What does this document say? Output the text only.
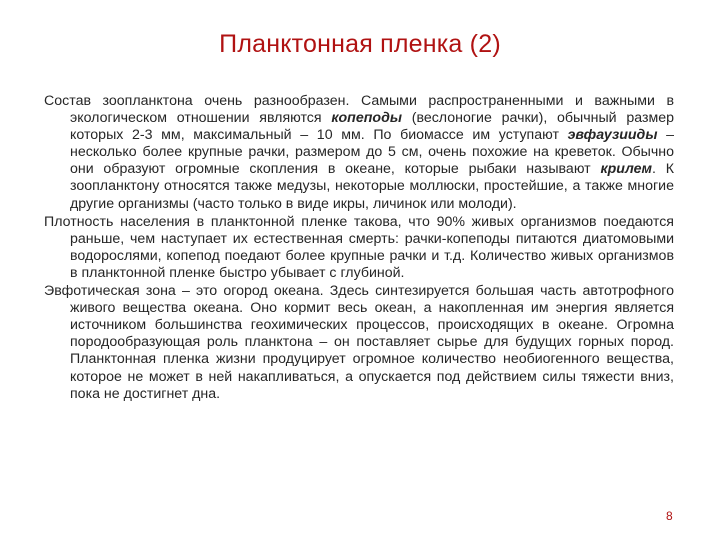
Планктонная пленка (2)

Состав зоопланктона очень разнообразен. Самыми распространенными и важными в экологическом отношении являются копеподы (веслоногие рачки), обычный размер которых 2-3 мм, максимальный – 10 мм. По биомассе им уступают эвфаузииды – несколько более крупные рачки, размером до 5 см, очень похожие на креветок. Обычно они образуют огромные скопления в океане, которые рыбаки называют крилем. К зоопланктону относятся также медузы, некоторые моллюски, простейшие, а также многие другие организмы (часто только в виде икры, личинок или молоди).

Плотность населения в планктонной пленке такова, что 90% живых организмов поедаются раньше, чем наступает их естественная смерть: рачки-копеподы питаются диатомовыми водорослями, копепод поедают более крупные рачки и т.д. Количество живых организмов в планктонной пленке быстро убывает с глубиной.

Эвфотическая зона – это огород океана. Здесь синтезируется большая часть автотрофного живого вещества океана. Оно кормит весь океан, а накопленная им энергия является источником большинства геохимических процессов, происходящих в океане. Огромна породообразующая роль планктона – он поставляет сырье для будущих горных пород. Планктонная пленка жизни продуцирует огромное количество необиогенного вещества, которое не может в ней накапливаться, а опускается под действием силы тяжести вниз, пока не достигнет дна.

8
